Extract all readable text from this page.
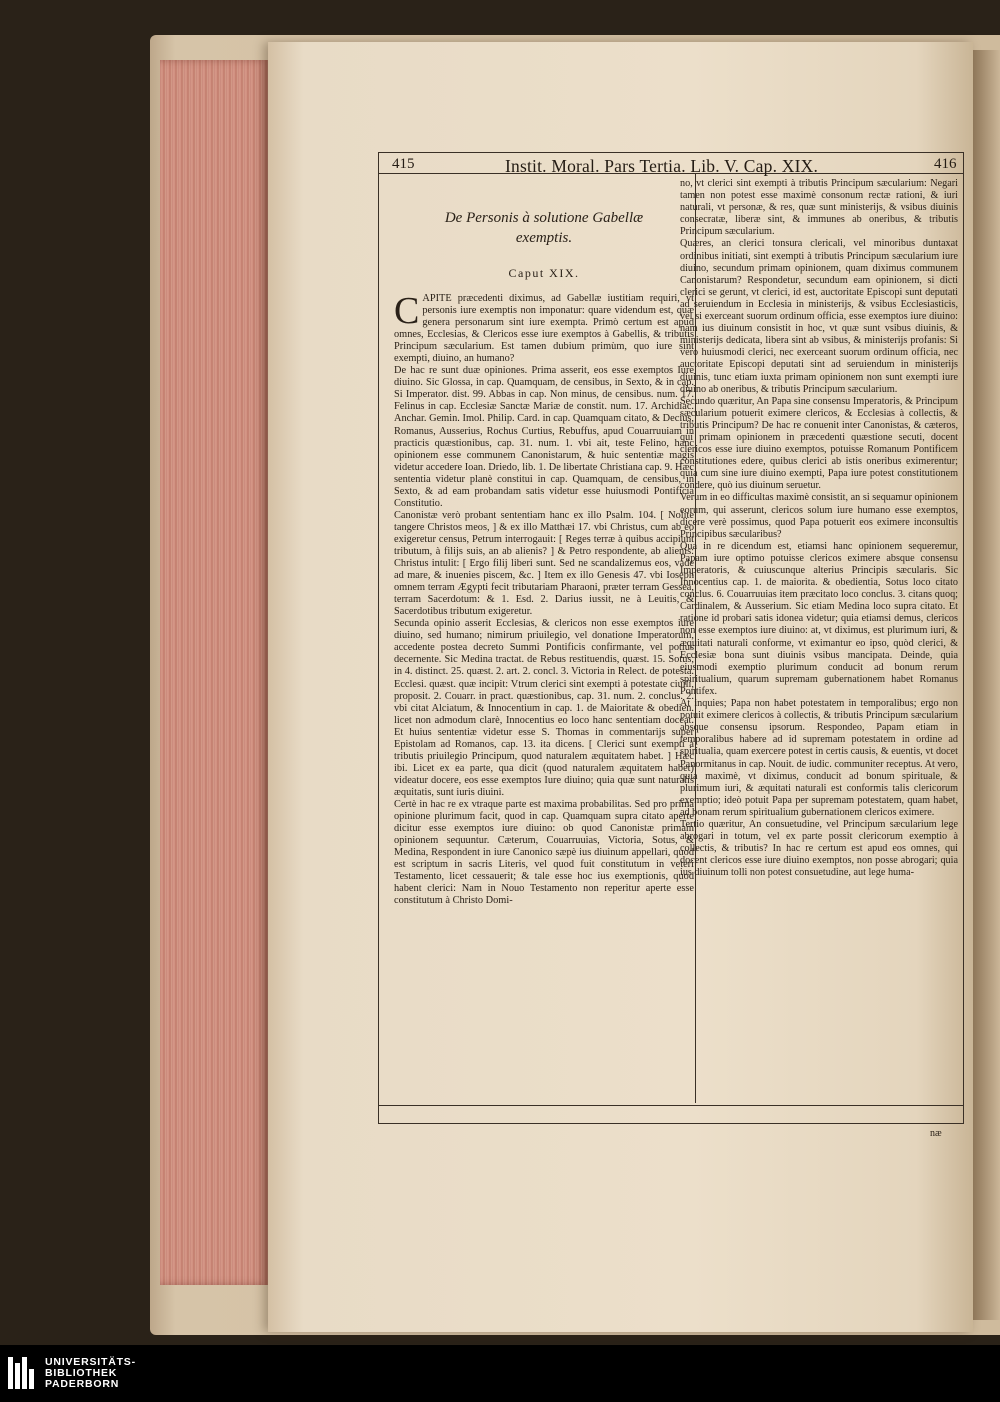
415	Instit. Moral. Pars Tertia. Lib. V. Cap. XIX.	416
De Personis à solutione Gabellæ
exemptis.
Caput XIX.

CAPITE præcedenti diximus, ad Gabellæ iustitiam requiri, vt personis iure exemptis non imponatur: quare videndum est, quæ genera personarum sint iure exempta. Primò certum est apud omnes, Ecclesias, & Clericos esse iure exemptos à Gabellis, & tributis Principum sæcularium. Est tamen dubium primùm, quo iure sint exempti, diuino, an humano?

De hac re sunt duæ opiniones. Prima asserit, eos esse exemptos Iure diuino. Sic Glossa, in cap. Quamquam, de censibus, in Sexto, & in cap. Si Imperator. dist. 99. Abbas in cap. Non minus, de censibus. num. 17. Felinus in cap. Ecclesiæ Sanctæ Mariæ de constit. num. 17. Archidiac. Anchar. Gemin. Imol. Philip. Card. in cap. Quamquam citato, & Decius, Romanus, Ausserius, Rochus Curtius, Rebuffus, apud Couarruuiam in practicis quæstionibus, cap. 31. num. 1. vbi ait, teste Felino, hanc opinionem esse communem Canonistarum, & huic sententiæ magis videtur accedere Ioan. Driedo, lib. 1. De libertate Christiana cap. 9. Hæc sententia videtur planè constitui in cap. Quamquam, de censibus, in Sexto, & ad eam probandam satis videtur esse huiusmodi Pontificia Constitutio.

Canonistæ verò probant sententiam hanc ex illo Psalm. 104. [ Nolite tangere Christos meos, ] & ex illo Matthæi 17. vbi Christus, cum ab eo exigeretur census, Petrum interrogauit: [ Reges terræ à quibus accipiunt tributum, à filijs suis, an ab alienis? ] & Petro respondente, ab alienis: Christus intulit: [ Ergo filij liberi sunt. Sed ne scandalizemus eos, vade ad mare, & inuenies piscem, &c. ] Item ex illo Genesis 47. vbi Ioseph omnem terram Ægypti fecit tributariam Pharaoni, præter terram Gessea, terram Sacerdotum: & 1. Esd. 2. Darius iussit, ne à Leuitis, & Sacerdotibus tributum exigeretur.

Secunda opinio asserit Ecclesias, & clericos non esse exemptos iure diuino, sed humano; nimirum priuilegio, vel donatione Imperatorum, accedente postea decreto Summi Pontificis confirmante, vel potius decernente. Sic Medina tractat. de Rebus restituendis, quæst. 15. Sotus, in 4. distinct. 25. quæst. 2. art. 2. concl. 3. Victoria in Relect. de potesta. Ecclesi. quæst. quæ incipit: Vtrum clerici sint exempti à potestate ciuili, proposit. 2. Couarr. in pract. quæstionibus, cap. 31. num. 2. conclus. 2. vbi citat Alciatum, & Innocentium in cap. 1. de Maioritate & obedien. licet non admodum clarè, Innocentius eo loco hanc sententiam doceat. Et huius sententiæ videtur esse S. Thomas in commentarijs super Epistolam ad Romanos, cap. 13. ita dicens. [ Clerici sunt exempti à tributis priuilegio Principum, quod naturalem æquitatem habet. ] Hæc ibi. Licet ex ea parte, qua dicit (quod naturalem æquitatem habet) videatur docere, eos esse exemptos Iure diuino; quia quæ sunt naturalis æquitatis, sunt iuris diuini.

Certè in hac re ex vtraque parte est maxima probabilitas. Sed pro prima opinione plurimum facit, quod in cap. Quamquam supra citato aperte dicitur esse exemptos iure diuino: ob quod Canonistæ primam opinionem sequuntur. Cæterum, Couarruuias, Victoria, Sotus, & Medina, Respondent in iure Canonico sæpè ius diuinum appellari, quod est scriptum in sacris Literis, vel quod fuit constitutum in veteri Testamento, licet cessauerit; & tale esse hoc ius exemptionis, quod habent clerici: Nam in Nouo Testamento non reperitur aperte esse constitutum à Christo Domi-

no, vt clerici sint exempti à tributis Principum sæcularium: Negari tamen non potest esse maximè consonum rectæ rationi, & iuri naturali, vt personæ, & res, quæ sunt ministerijs, & vsibus diuinis consecratæ, liberæ sint, & immunes ab oneribus, & tributis Principum sæcularium.

Quæres, an clerici tonsura clericali, vel minoribus duntaxat ordinibus initiati, sint exempti à tributis Principum sæcularium iure diuino, secundum primam opinionem, quam diximus communem Canonistarum? Respondetur, secundum eam opinionem, si dicti clerici se gerunt, vt clerici, id est, auctoritate Episcopi sunt deputati ad seruiendum in Ecclesia in ministerijs, & vsibus Ecclesiasticis, vel si exerceant suorum ordinum officia, esse exemptos iure diuino: nam ius diuinum consistit in hoc, vt quæ sunt vsibus diuinis, & ministerijs dedicata, libera sint ab vsibus, & ministerijs profanis: Si vero huiusmodi clerici, nec exerceant suorum ordinum officia, nec auctoritate Episcopi deputati sint ad seruiendum in ministerijs diuinis, tunc etiam iuxta primam opinionem non sunt exempti iure diuino ab oneribus, & tributis Principum sæcularium.

Secundo quæritur, An Papa sine consensu Imperatoris, & Principum sæcularium potuerit eximere clericos, & Ecclesias à collectis, & tributis Principum? De hac re conuenit inter Canonistas, & cæteros, qui primam opinionem in præcedenti quæstione secuti, docent clericos esse iure diuino exemptos, potuisse Romanum Pontificem constitutiones edere, quibus clerici ab istis oneribus eximerentur; quia cum sine iure diuino exempti, Papa iure potest constitutionem condere, quò ius diuinum seruetur.

Verum in eo difficultas maximè consistit, an si sequamur opinionem eorum, qui asserunt, clericos solum iure humano esse exemptos, dicere verè possimus, quod Papa potuerit eos eximere inconsultis Principibus sæcularibus?

Qua in re dicendum est, etiamsi hanc opinionem sequeremur, Papam iure optimo potuisse clericos eximere absque consensu Imperatoris, & cuiuscunque alterius Principis sæcularis. Sic Innocentius cap. 1. de maiorita. & obedientia, Sotus loco citato conclus. 6. Couarruuias item præcitato loco conclus. 3. citans quoq; Cardinalem, & Ausserium. Sic etiam Medina loco supra citato. Et ratione id probari satis idonea videtur; quia etiamsi demus, clericos non esse exemptos iure diuino: at, vt diximus, est plurimum iuri, & æquitati naturali conforme, vt eximantur eo ipso, quòd clerici, & Ecclesiæ bona sunt diuinis vsibus mancipata. Deinde, quia eiusmodi exemptio plurimum conducit ad bonum rerum spiritualium, quarum supremam gubernationem habet Romanus Pontifex.

At inquies; Papa non habet potestatem in temporalibus; ergo non potuit eximere clericos à collectis, & tributis Principum sæcularium absque consensu ipsorum. Respondeo, Papam etiam in temporalibus habere ad id supremam potestatem in ordine ad spiritualia, quam exercere potest in certis causis, & euentis, vt docet Panormitanus in cap. Nouit. de iudic. communiter receptus. At vero, quia maximè, vt diximus, conducit ad bonum spirituale, & plurimum iuri, & æquitati naturali est conformis talis clericorum exemptio; ideò potuit Papa per supremam potestatem, quam habet, ad bonam rerum spiritualium gubernationem clericos eximere.

Tertio quæritur, An consuetudine, vel Principum sæcularium lege abrogari in totum, vel ex parte possit clericorum exemptio à collectis, & tributis? In hac re certum est apud eos omnes, qui docent clericos esse iure diuino exemptos, non posse abrogari; quia ius diuinum tolli non potest consuetudine, aut lege huma-

næ
UNIVERSITÄTS-
BIBLIOTHEK
PADERBORN
